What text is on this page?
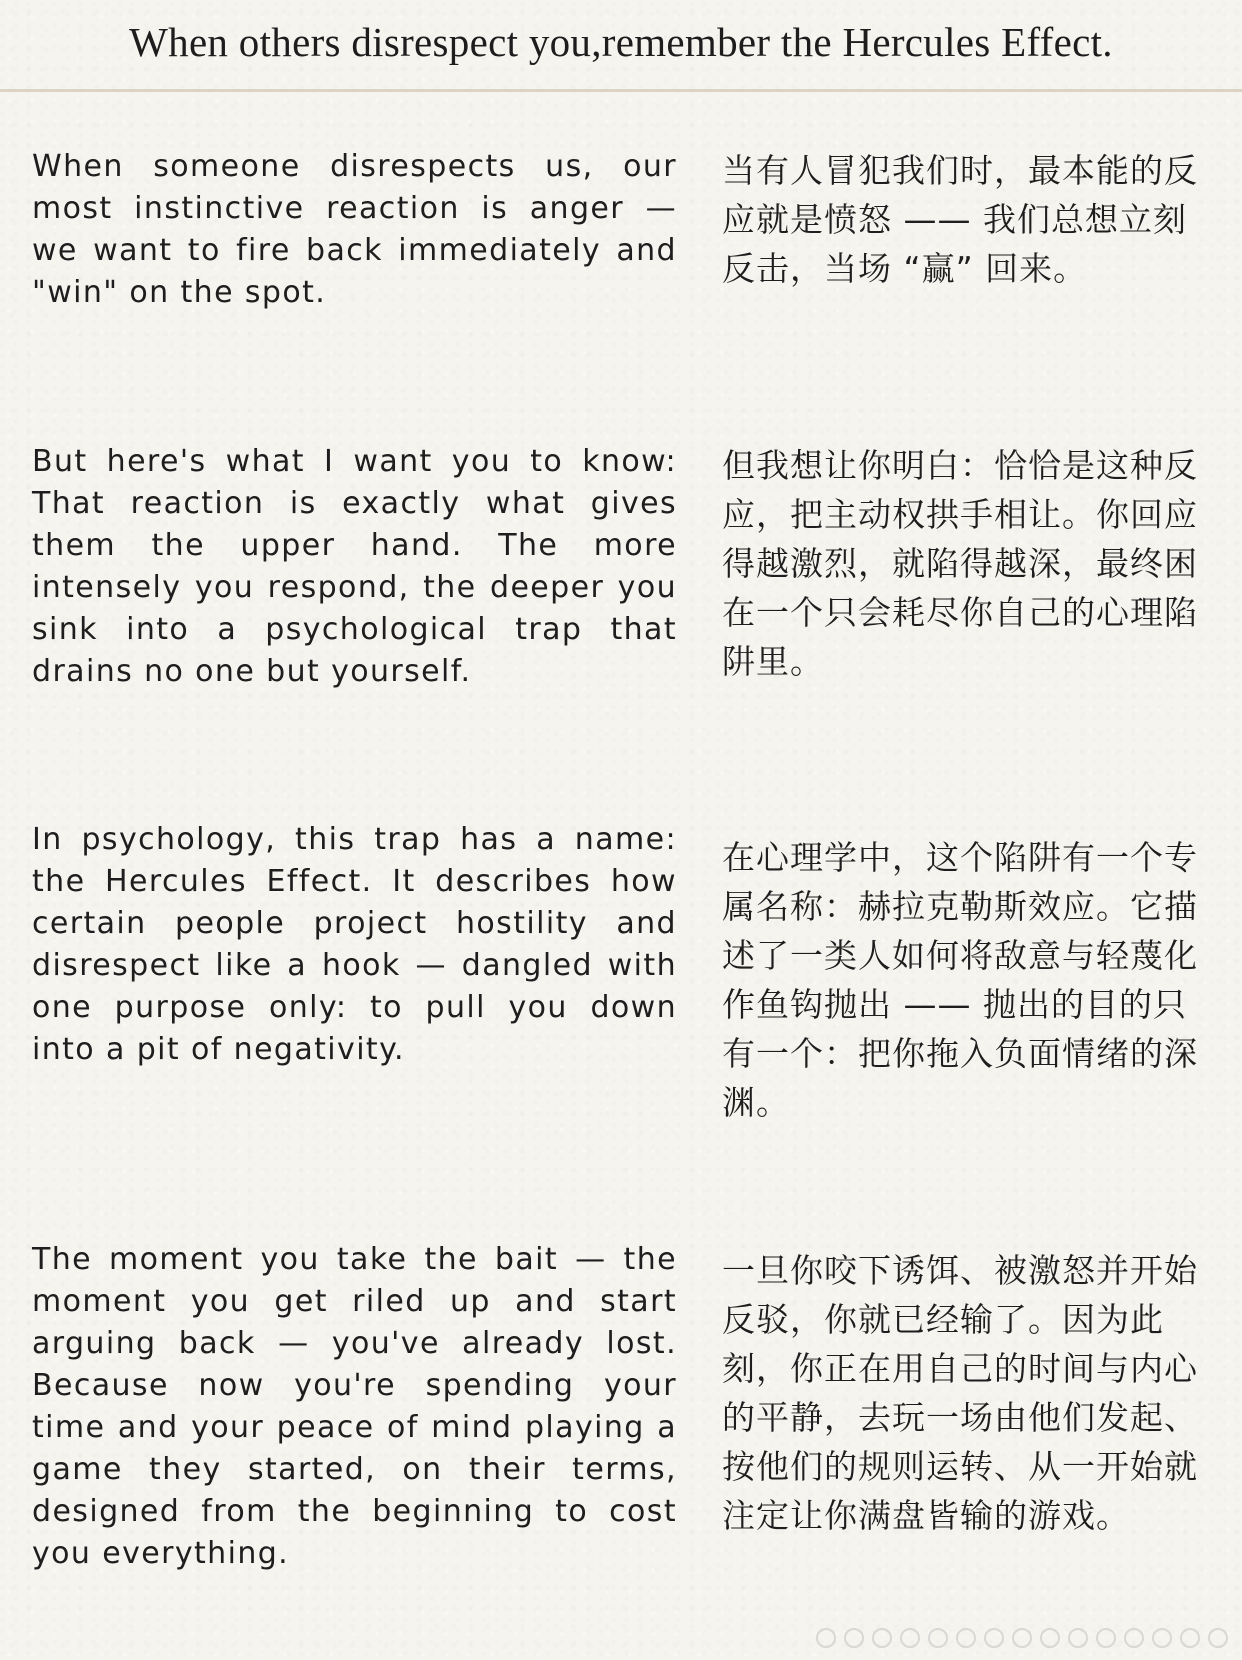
When others disrespect you,remember the Hercules Effect.

When someone disrespects us, our most instinctive reaction is anger — we want to fire back immediately and "win" on the spot.

当有人冒犯我们时，最本能的反应就是愤怒 —— 我们总想立刻反击，当场 “赢” 回来。

But here's what I want you to know: That reaction is exactly what gives them the upper hand. The more intensely you respond, the deeper you sink into a psychological trap that drains no one but yourself.

但我想让你明白：恰恰是这种反应，把主动权拱手相让。你回应得越激烈，就陷得越深，最终困在一个只会耗尽你自己的心理陷阱里。

In psychology, this trap has a name: the Hercules Effect. It describes how certain people project hostility and disrespect like a hook — dangled with one purpose only: to pull you down into a pit of negativity.

在心理学中，这个陷阱有一个专属名称：赫拉克勒斯效应。它描述了一类人如何将敌意与轻蔑化作鱼钩抛出 —— 抛出的目的只有一个：把你拖入负面情绪的深渊。

The moment you take the bait — the moment you get riled up and start arguing back — you've already lost. Because now you're spending your time and your peace of mind playing a game they started, on their terms, designed from the beginning to cost you everything.

一旦你咬下诱饵、被激怒并开始反驳，你就已经输了。因为此刻，你正在用自己的时间与内心的平静，去玩一场由他们发起、按他们的规则运转、从一开始就注定让你满盘皆输的游戏。
